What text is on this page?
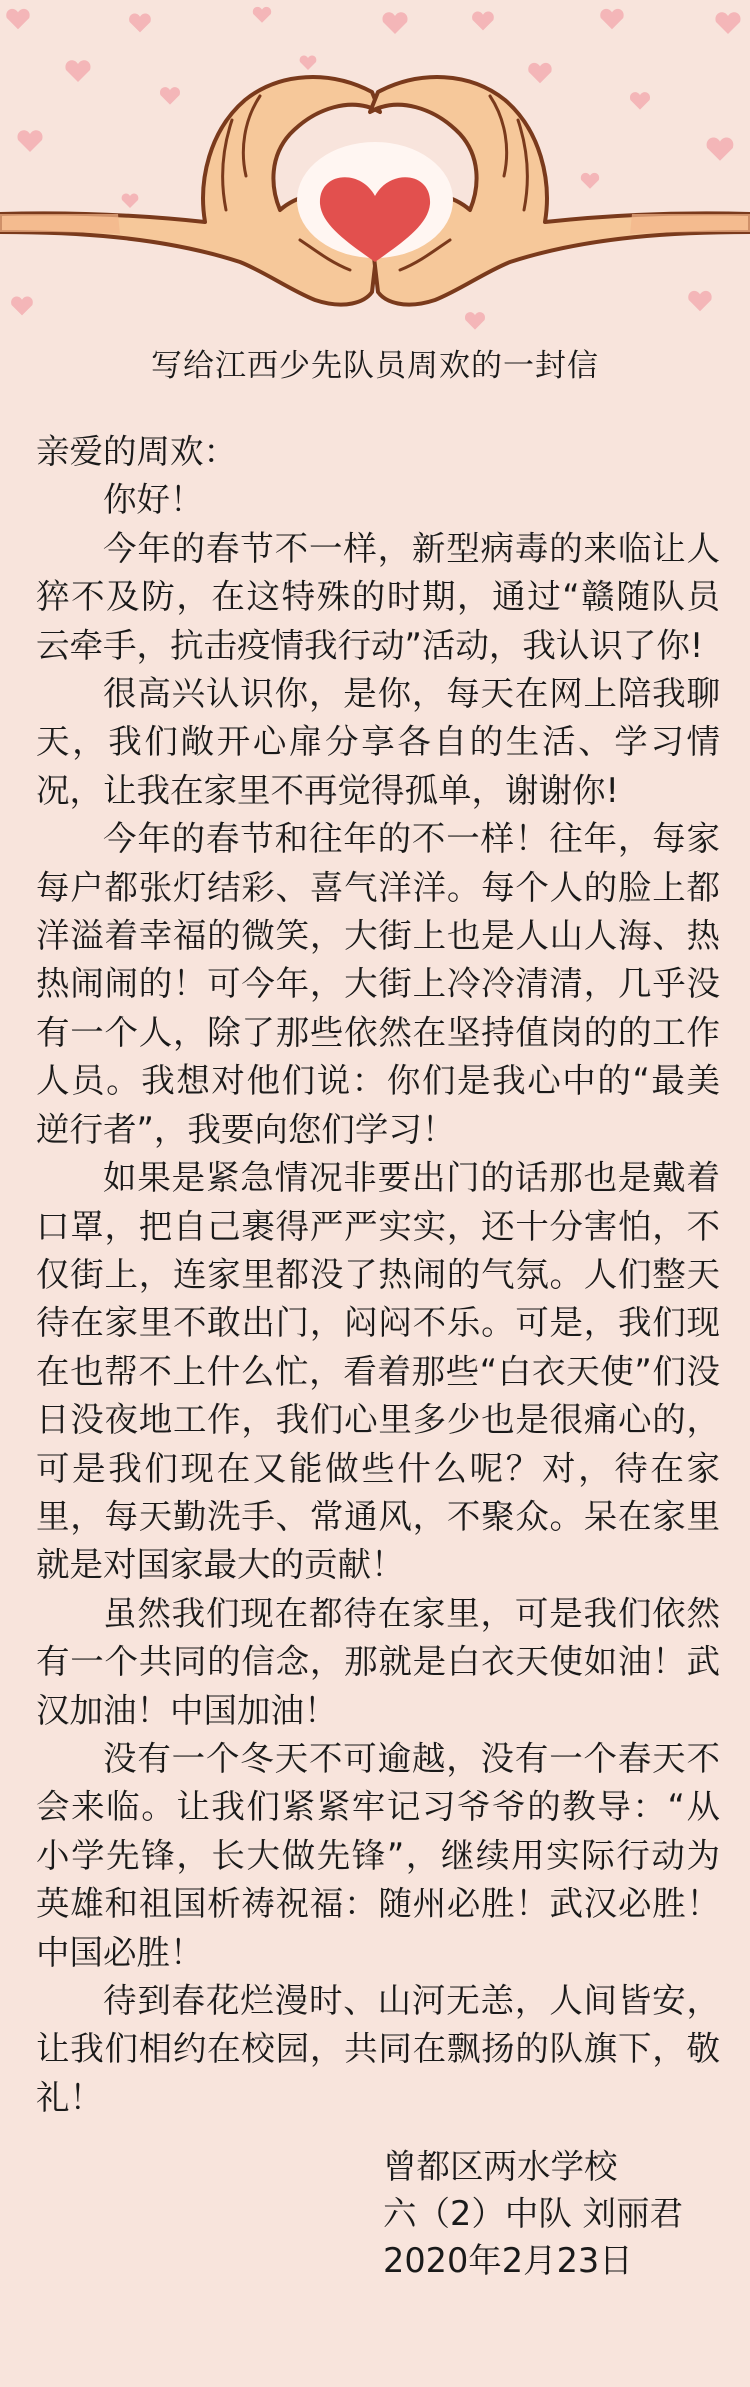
写给江西少先队员周欢的一封信

亲爱的周欢：

你好！

今年的春节不一样，新型病毒的来临让人猝不及防，在这特殊的时期，通过“赣随队员云牵手，抗击疫情我行动”活动，我认识了你!

很高兴认识你，是你，每天在网上陪我聊天，我们敞开心扉分享各自的生活、学习情况，让我在家里不再觉得孤单，谢谢你!

今年的春节和往年的不一样！往年，每家每户都张灯结彩、喜气洋洋。每个人的脸上都洋溢着幸福的微笑，大街上也是人山人海、热热闹闹的！可今年，大街上冷冷清清，几乎没有一个人，除了那些依然在坚持值岗的的工作人员。我想对他们说：你们是我心中的“最美逆行者”，我要向您们学习！

如果是紧急情况非要出门的话那也是戴着口罩，把自己裹得严严实实，还十分害怕，不仅街上，连家里都没了热闹的气氛。人们整天待在家里不敢出门，闷闷不乐。可是，我们现在也帮不上什么忙，看着那些“白衣天使”们没日没夜地工作，我们心里多少也是很痛心的，可是我们现在又能做些什么呢？对，待在家里，每天勤洗手、常通风，不聚众。呆在家里就是对国家最大的贡献！

虽然我们现在都待在家里，可是我们依然有一个共同的信念，那就是白衣天使如油！武汉加油！中国加油！

没有一个冬天不可逾越，没有一个春天不会来临。让我们紧紧牢记习爷爷的教导：“从小学先锋，长大做先锋”，继续用实际行动为英雄和祖国析祷祝福：随州必胜！武汉必胜！中国必胜！

待到春花烂漫时、山河无恙，人间皆安，让我们相约在校园，共同在飘扬的队旗下，敬礼！

曾都区两水学校
六（2）中队 刘丽君
2020年2月23日
